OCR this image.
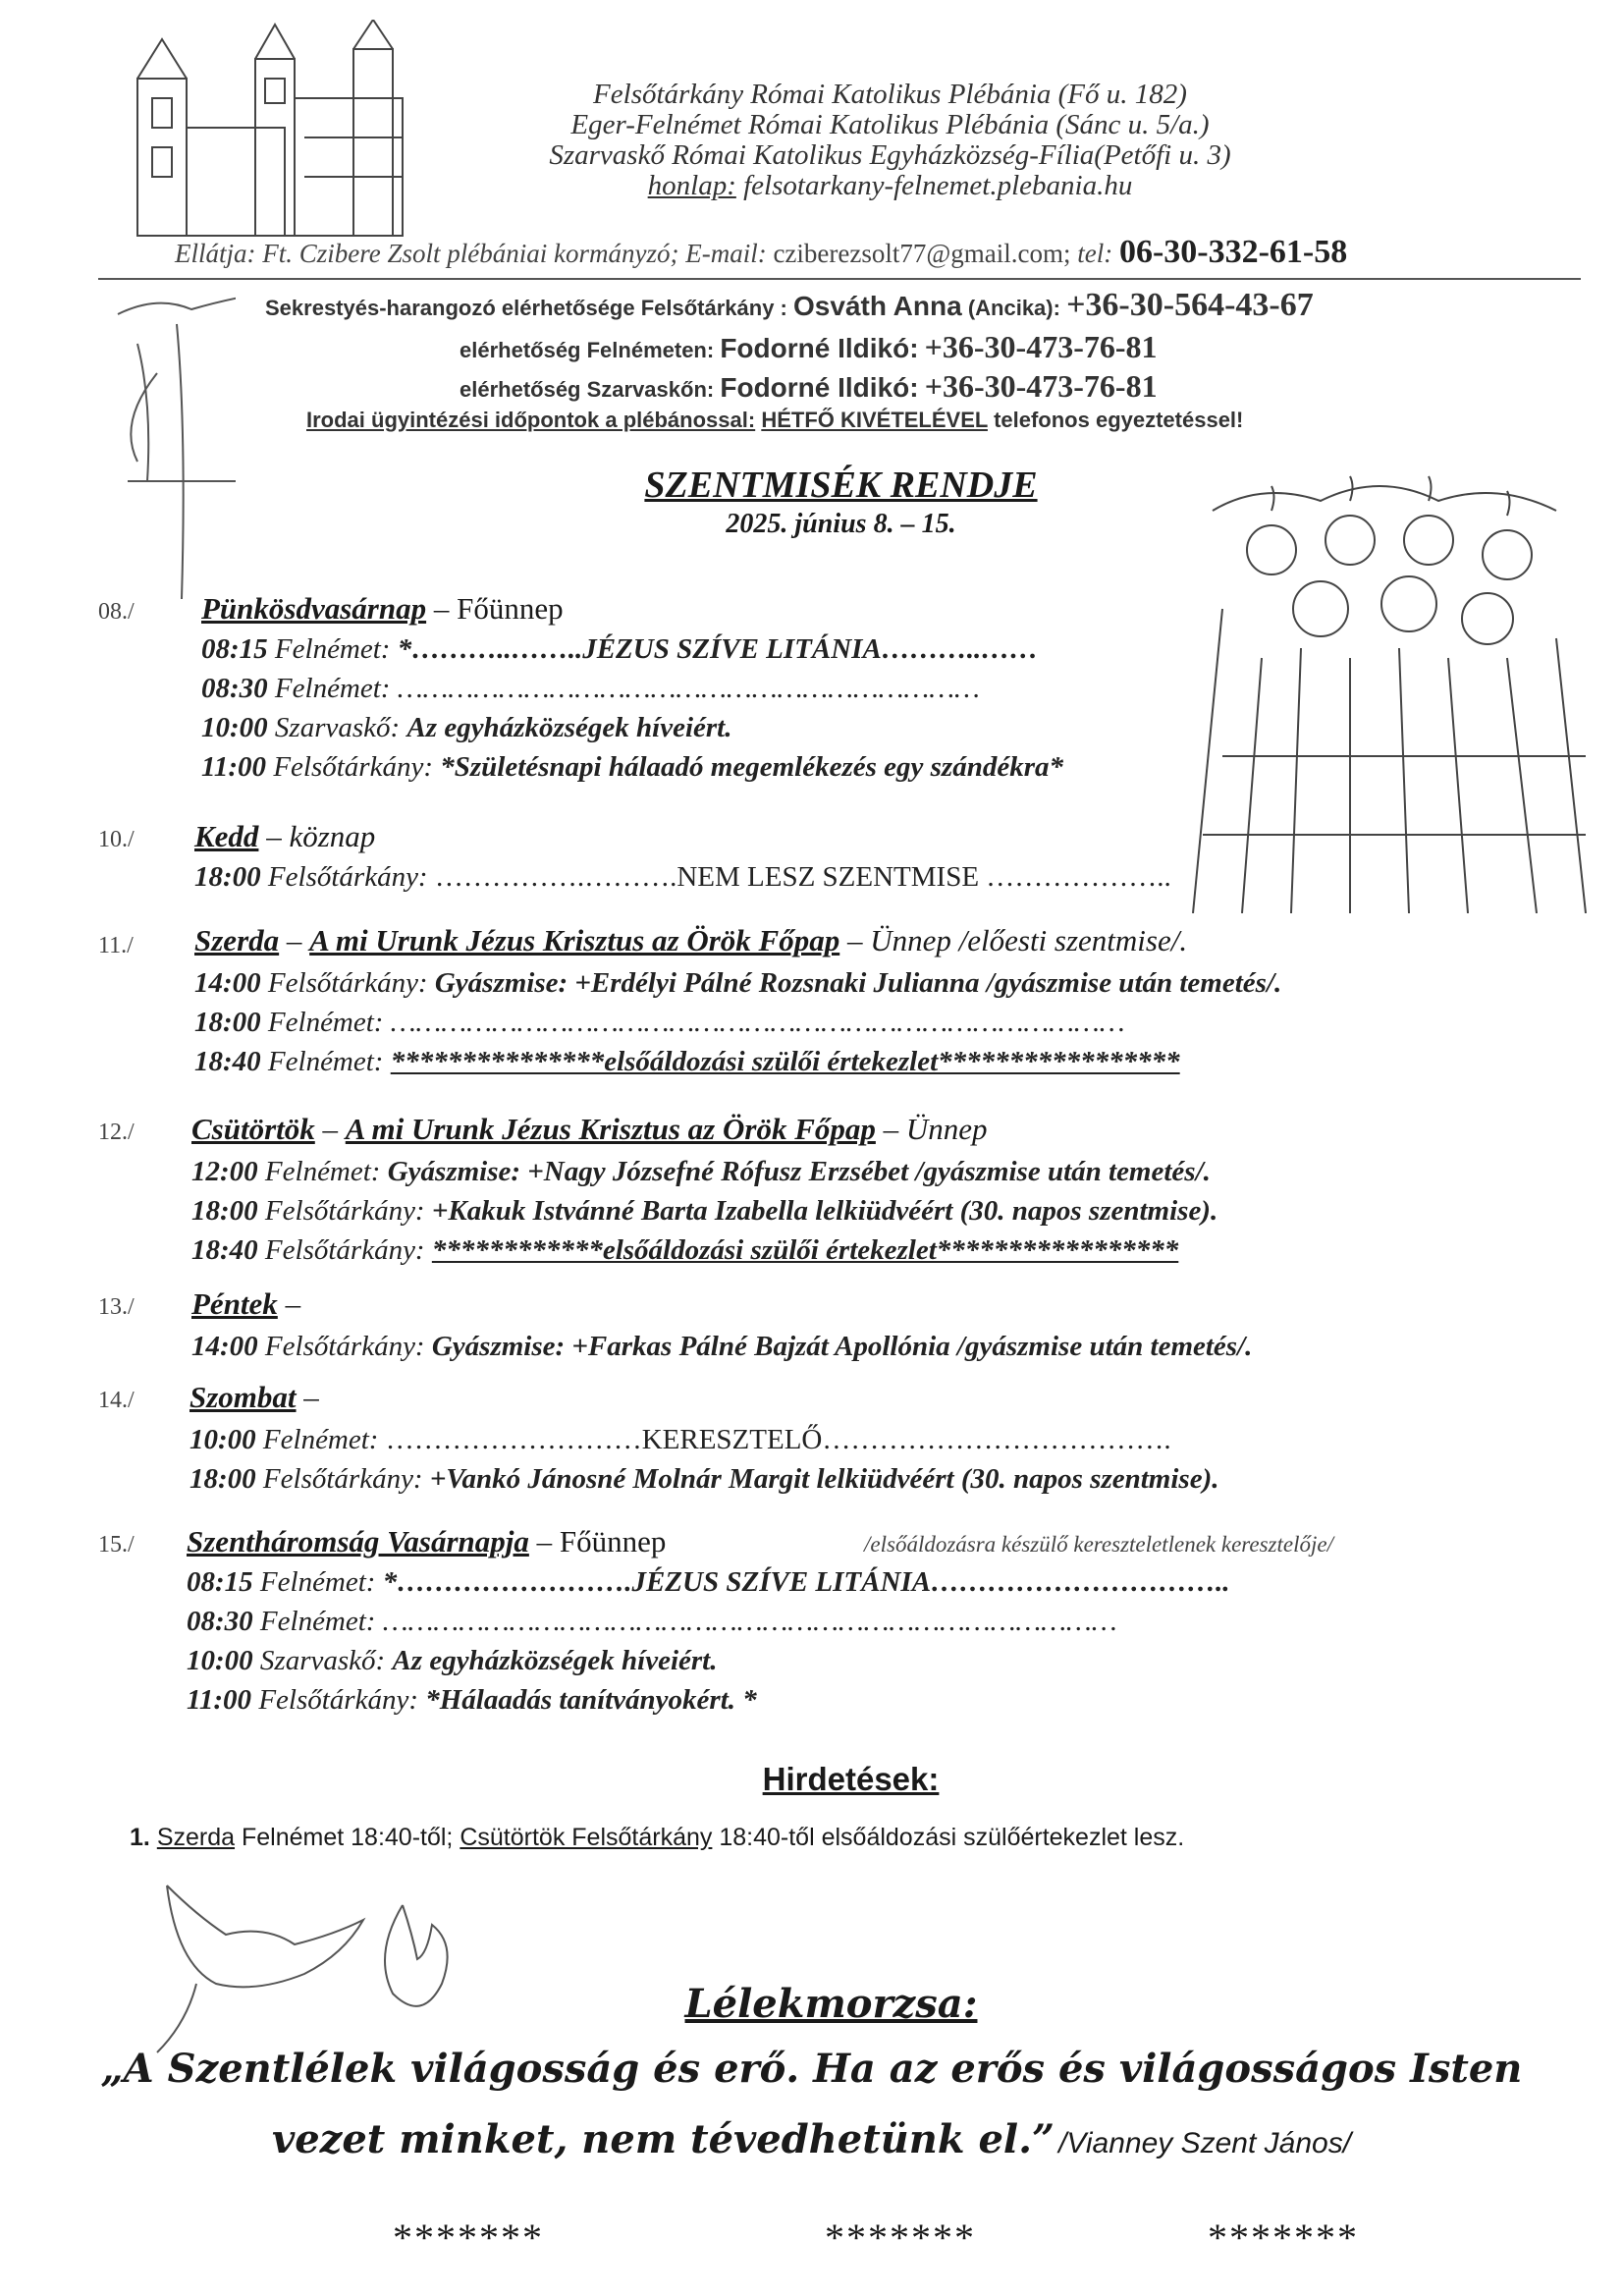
Felsőtárkány Római Katolikus Plébánia (Fő u. 182)
Eger-Felnémet Római Katolikus Plébánia (Sánc u. 5/a.)
Szarvaskő Római Katolikus Egyházközség-Fília(Petőfi u. 3)
honlap: felsotarkany-felnemet.plebania.hu
Ellátja: Ft. Czibere Zsolt plébániai kormányzó; E-mail: cziberezsolt77@gmail.com; tel: 06-30-332-61-58
Sekrestyés-harangozó elérhetősége Felsőtárkány : Osváth Anna (Ancika): +36-30-564-43-67
elérhetőség Felnémeten: Fodorné Ildikó: +36-30-473-76-81
elérhetőség Szarvaskőn: Fodorné Ildikó: +36-30-473-76-81
Irodai ügyintézési időpontok a plébánossal: HÉTFŐ KIVÉTELÉVEL telefonos egyeztetéssel!
SZENTMISÉK RENDJE
2025. június 8. – 15.
08./ Pünkösdvasárnap – Főünnep
08:15 Felnémet: *………..……..JÉZUS SZÍVE LITÁNIA………..……
08:30 Felnémet: ……………………………………………………………
10:00 Szarvaskő: Az egyházközségek híveiért.
11:00 Felsőtárkány: *Születésnapi hálaadó megemlékezés egy szándékra*
10./ Kedd – köznap
18:00 Felsőtárkány: …………….……….NEM LESZ SZENTMISE ………………..
11./ Szerda – A mi Urunk Jézus Krisztus az Örök Főpap – Ünnep /előesti szentmise/.
14:00 Felsőtárkány: Gyászmise: +Erdélyi Pálné Rozsnaki Julianna /gyászmise után temetés/.
18:00 Felnémet: ……………………………………………………………………………
18:40 Felnémet: ***************elsőáldozási szülői értekezlet*****************
12./ Csütörtök – A mi Urunk Jézus Krisztus az Örök Főpap – Ünnep
12:00 Felnémet: Gyászmise: +Nagy Józsefné Rófusz Erzsébet /gyászmise után temetés/.
18:00 Felsőtárkány: +Kakuk Istvánné Barta Izabella lelkiüdvéért (30. napos szentmise).
18:40 Felsőtárkány: ************elsőáldozási szülői értekezlet*****************
13./ Péntek –
14:00 Felsőtárkány: Gyászmise: +Farkas Pálné Bajzát Apollónia /gyászmise után temetés/.
14./ Szombat –
10:00 Felnémet: ………………………KERESZTELŐ……………………………….
18:00 Felsőtárkány: +Vankó Jánosné Molnár Margit lelkiüdvéért (30. napos szentmise).
15./ Szentháromság Vasárnapja – Főünnep	/elsőáldozásra készülő kereszteletlenek keresztelője/
08:15 Felnémet: *…………………….JÉZUS SZÍVE LITÁNIA…………………………..
08:30 Felnémet: ……………………………………………………………………………
10:00 Szarvaskő: Az egyházközségek híveiért.
11:00 Felsőtárkány: *Hálaadás tanítványokért. *
Hirdetések:
1. Szerda Felnémet 18:40-től; Csütörtök Felsőtárkány 18:40-től elsőáldozási szülőértekezlet lesz.
Lélekmorzsa:
„A Szentlélek világosság és erő. Ha az erős és világosságos Isten
vezet minket, nem tévedhetünk el.” /Vianney Szent János/
*******	*******	*******
